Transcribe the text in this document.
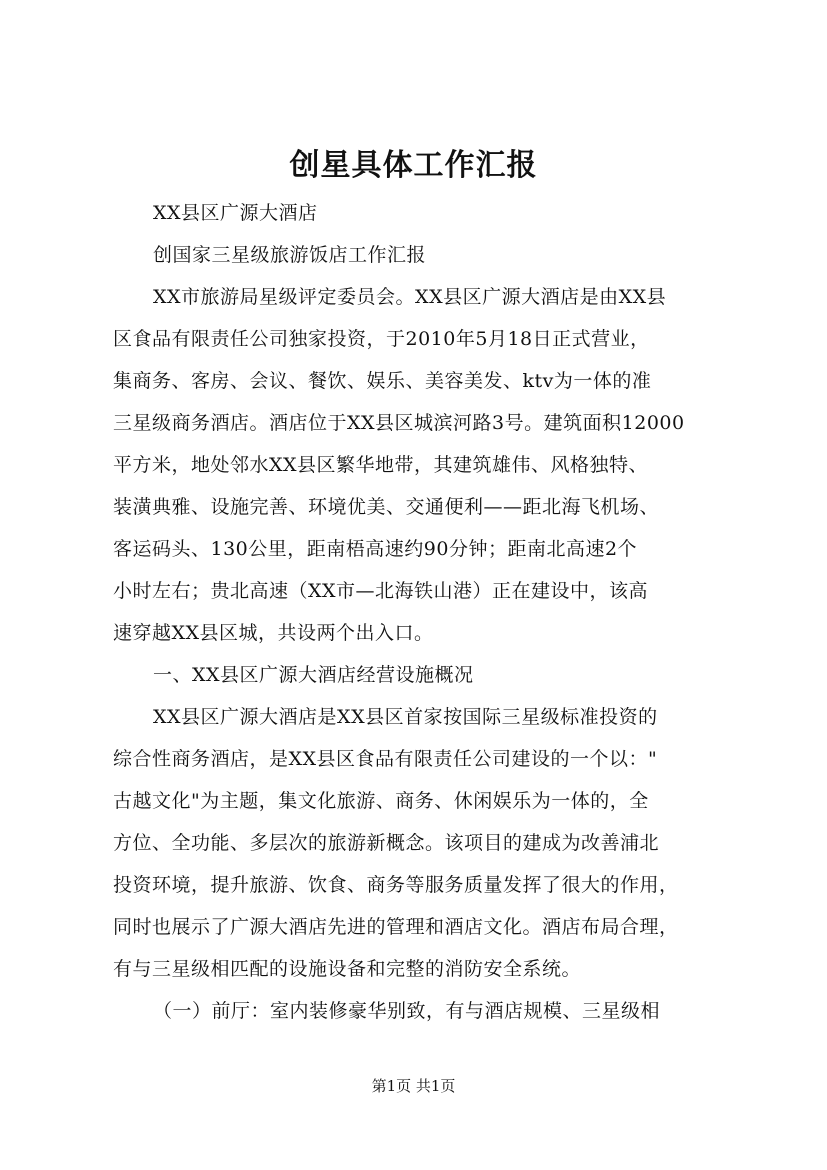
创星具体工作汇报
XX县区广源大酒店
创国家三星级旅游饭店工作汇报
XX市旅游局星级评定委员会。XX县区广源大酒店是由XX县
区食品有限责任公司独家投资，于2010年5月18日正式营业，
集商务、客房、会议、餐饮、娱乐、美容美发、ktv为一体的准
三星级商务酒店。酒店位于XX县区城滨河路3号。建筑面积12000
平方米，地处邻水XX县区繁华地带，其建筑雄伟、风格独特、
装潢典雅、设施完善、环境优美、交通便利——距北海飞机场、
客运码头、130公里，距南梧高速约90分钟；距南北高速2个
小时左右；贵北高速（XX市—北海铁山港）正在建设中，该高
速穿越XX县区城，共设两个出入口。
一、XX县区广源大酒店经营设施概况
XX县区广源大酒店是XX县区首家按国际三星级标准投资的
综合性商务酒店，是XX县区食品有限责任公司建设的一个以："
古越文化"为主题，集文化旅游、商务、休闲娱乐为一体的，全
方位、全功能、多层次的旅游新概念。该项目的建成为改善浦北
投资环境，提升旅游、饮食、商务等服务质量发挥了很大的作用，
同时也展示了广源大酒店先进的管理和酒店文化。酒店布局合理，
有与三星级相匹配的设施设备和完整的消防安全系统。
（一）前厅：室内装修豪华别致，有与酒店规模、三星级相
第1页 共1页
